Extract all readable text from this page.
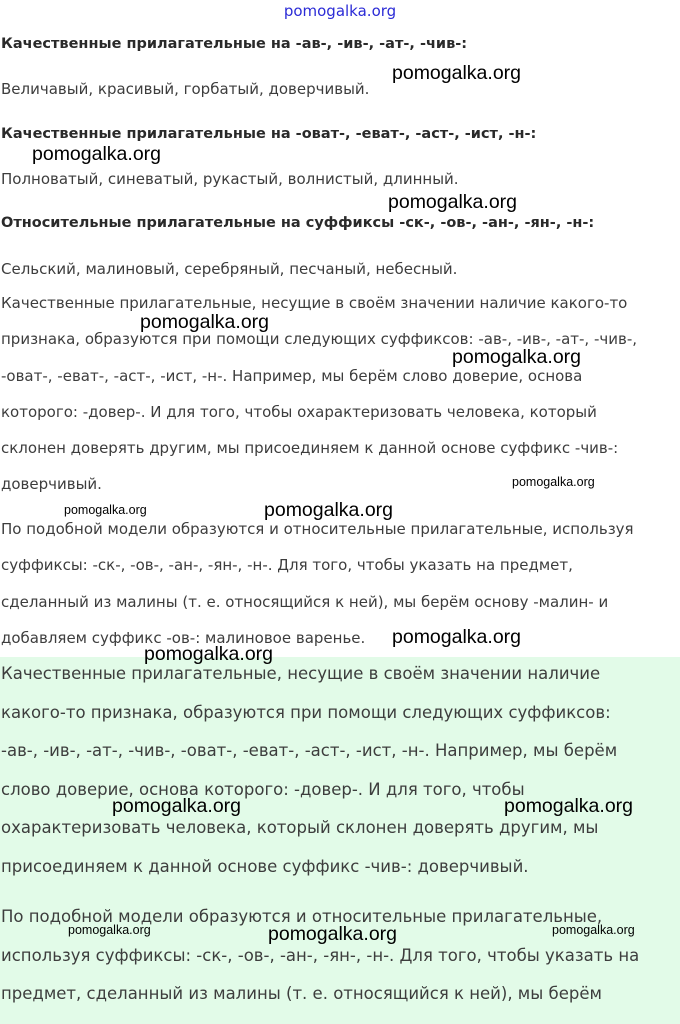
pomogalka.org
Качественные прилагательные на -ав-, -ив-, -ат-, -чив-:
Величавый, красивый, горбатый, доверчивый.
Качественные прилагательные на -оват-, -еват-, -аст-, -ист, -н-:
Полноватый, синеватый, рукастый, волнистый, длинный.
Относительные прилагательные на суффиксы -ск-, -ов-, -ан-, -ян-, -н-:
Сельский, малиновый, серебряный, песчаный, небесный.

Качественные прилагательные, несущие в своём значении наличие какого-то

признака, образуются при помощи следующих суффиксов: -ав-, -ив-, -ат-, -чив-,

-оват-, -еват-, -аст-, -ист, -н-. Например, мы берём слово доверие, основа

которого: -довер-. И для того, чтобы охарактеризовать человека, который

склонен доверять другим, мы присоединяем к данной основе суффикс -чив-:

доверчивый.

По подобной модели образуются и относительные прилагательные, используя

суффиксы: -ск-, -ов-, -ан-, -ян-, -н-. Для того, чтобы указать на предмет,

сделанный из малины (т. е. относящийся к ней), мы берём основу -малин- и

добавляем суффикс -ов-: малиновое варенье.

Качественные прилагательные, несущие в своём значении наличие

какого-то признака, образуются при помощи следующих суффиксов:

-ав-, -ив-, -ат-, -чив-, -оват-, -еват-, -аст-, -ист, -н-. Например, мы берём

слово доверие, основа которого: -довер-. И для того, чтобы

охарактеризовать человека, который склонен доверять другим, мы

присоединяем к данной основе суффикс -чив-: доверчивый.

По подобной модели образуются и относительные прилагательные,

используя суффиксы: -ск-, -ов-, -ан-, -ян-, -н-. Для того, чтобы указать на

предмет, сделанный из малины (т. е. относящийся к ней), мы берём

pomogalka.org
pomogalka.org
pomogalka.org
pomogalka.org
pomogalka.org
pomogalka.org
pomogalka.org	pomogalka.org
pomogalka.org
pomogalka.org
pomogalka.org	pomogalka.org
pomogalka.org	pomogalka.org	pomogalka.org
